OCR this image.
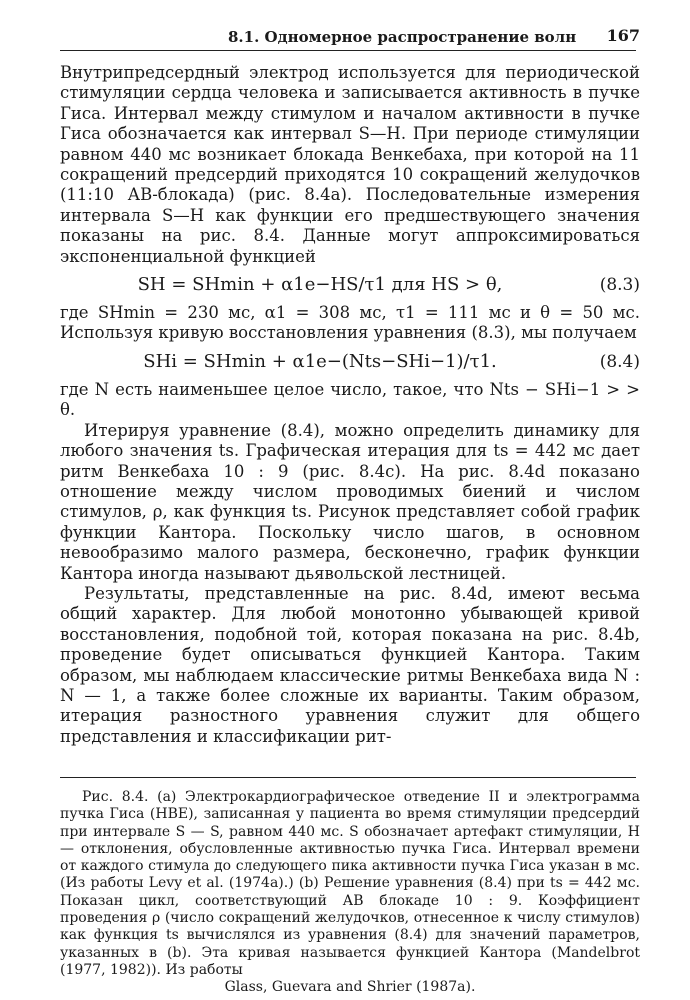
8.1. Одномерное распространение волн 167

Внутрипредсердный электрод используется для периодической стимуляции сердца человека и записывается активность в пучке Гиса. Интервал между стимулом и началом активности в пучке Гиса обозначается как интервал S—H. При периоде стимуляции равном 440 мс возникает блокада Венкебаха, при которой на 11 сокращений предсердий приходятся 10 сокращений желудочков (11:10 АВ-блокада) (рис. 8.4а). Последовательные измерения интервала S—H как функции его предшествующего значения показаны на рис. 8.4. Данные могут аппроксимироваться экспоненциальной функцией

SH = SHmin + α1e−HS/τ1 для HS > θ,	(8.3)

где SHmin = 230 мс, α1 = 308 мс, τ1 = 111 мс и θ = 50 мс. Используя кривую восстановления уравнения (8.3), мы получаем

SHi = SHmin + α1e−(Nts−SHi−1)/τ1.	(8.4)

где N есть наименьшее целое число, такое, что Nts − SHi−1 > > θ.

Итерируя уравнение (8.4), можно определить динамику для любого значения ts. Графическая итерация для ts = 442 мс дает ритм Венкебаха 10 : 9 (рис. 8.4c). На рис. 8.4d показано отношение между числом проводимых биений и числом стимулов, ρ, как функция ts. Рисунок представляет собой график функции Кантора. Поскольку число шагов, в основном невообразимо малого размера, бесконечно, график функции Кантора иногда называют дьявольской лестницей.

Результаты, представленные на рис. 8.4d, имеют весьма общий характер. Для любой монотонно убывающей кривой восстановления, подобной той, которая показана на рис. 8.4b, проведение будет описываться функцией Кантора. Таким образом, мы наблюдаем классические ритмы Венкебаха вида N : N — 1, а также более сложные их варианты. Таким образом, итерация разностного уравнения служит для общего представления и классификации рит-

Рис. 8.4. (а) Электрокардиографическое отведение II и электрограмма пучка Гиса (HBE), записанная у пациента во время стимуляции предсердий при интервале S — S, равном 440 мс. S обозначает артефакт стимуляции, H — отклонения, обусловленные активностью пучка Гиса. Интервал времени от каждого стимула до следующего пика активности пучка Гиса указан в мс. (Из работы Levy et al. (1974a).) (b) Решение уравнения (8.4) при ts = 442 мс. Показан цикл, соответствующий АВ блокаде 10 : 9. Коэффициент проведения ρ (число сокращений желудочков, отнесенное к числу стимулов) как функция ts вычислялся из уравнения (8.4) для значений параметров, указанных в (b). Эта кривая называется функцией Кантора (Mandelbrot (1977, 1982)). Из работы

Glass, Guevara and Shrier (1987a).
